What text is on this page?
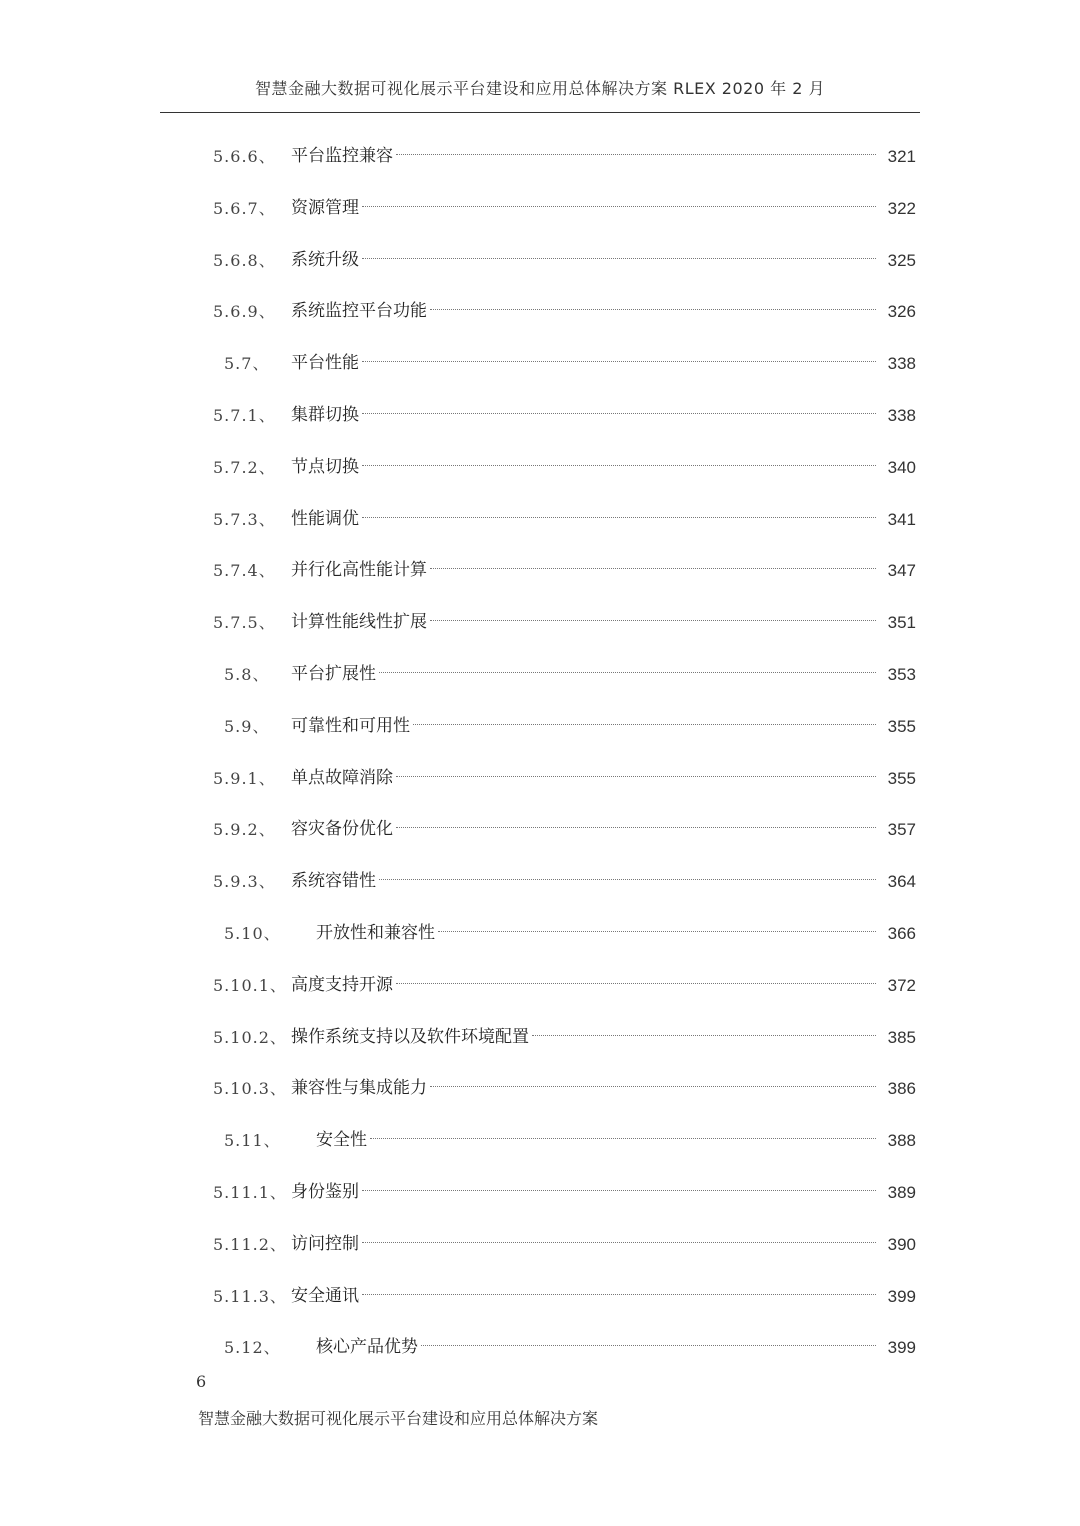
智慧金融大数据可视化展示平台建设和应用总体解决方案 RLEX 2020 年 2 月
5.6.6、 平台监控兼容	321
5.6.7、 资源管理	322
5.6.8、 系统升级	325
5.6.9、 系统监控平台功能	326
5.7、 平台性能	338
5.7.1、 集群切换	338
5.7.2、 节点切换	340
5.7.3、 性能调优	341
5.7.4、 并行化高性能计算	347
5.7.5、 计算性能线性扩展	351
5.8、 平台扩展性	353
5.9、 可靠性和可用性	355
5.9.1、 单点故障消除	355
5.9.2、 容灾备份优化	357
5.9.3、 系统容错性	364
5.10、 开放性和兼容性	366
5.10.1、 高度支持开源	372
5.10.2、 操作系统支持以及软件环境配置	385
5.10.3、 兼容性与集成能力	386
5.11、 安全性	388
5.11.1、 身份鉴别	389
5.11.2、 访问控制	390
5.11.3、 安全通讯	399
5.12、 核心产品优势	399
6
智慧金融大数据可视化展示平台建设和应用总体解决方案
